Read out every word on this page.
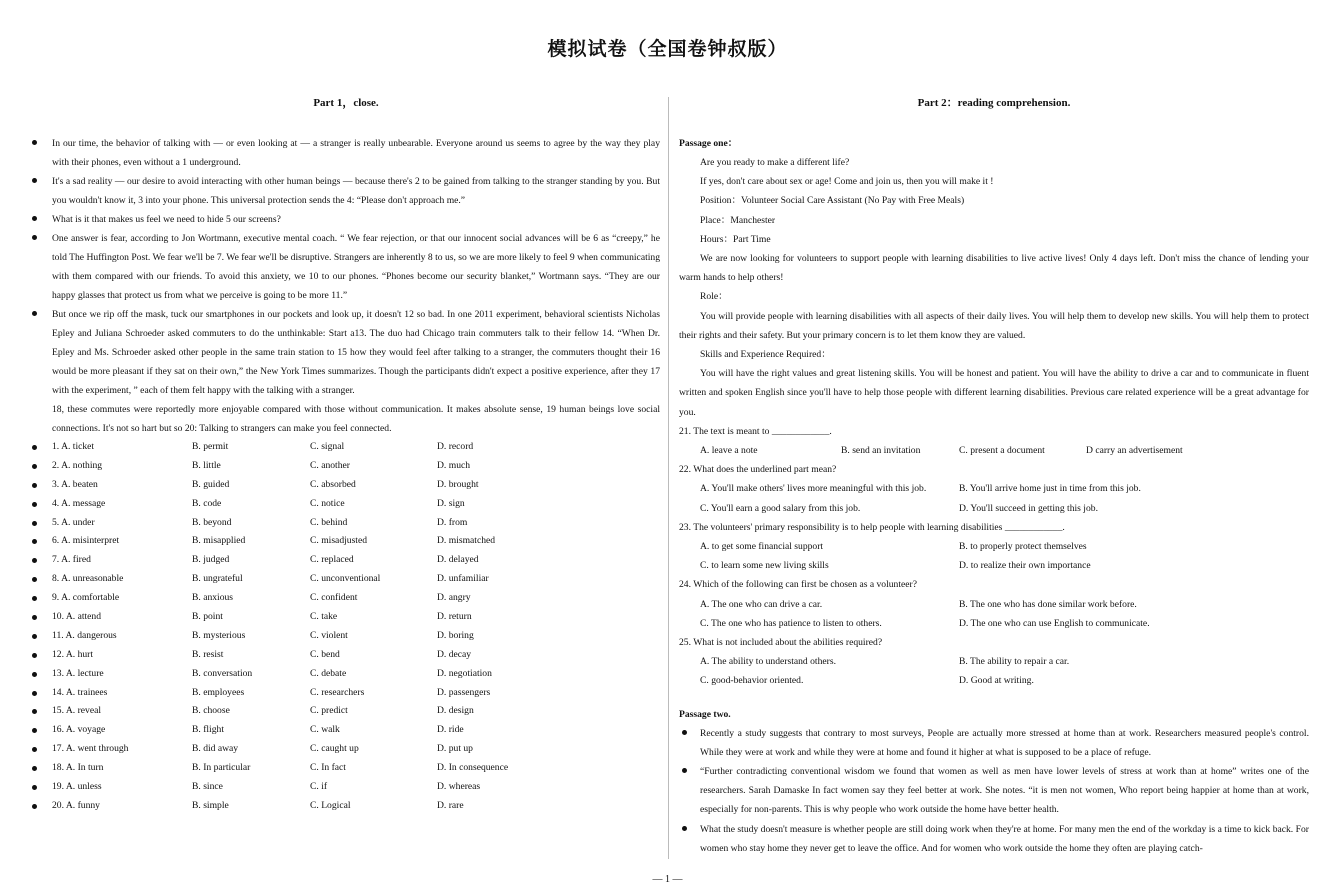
模拟试卷（全国卷钟叔版）
Part 1，close.
In our time, the behavior of talking with — or even looking at — a stranger is really unbearable. Everyone around us seems to agree by the way they play with their phones, even without a 1 underground.
It's a sad reality — our desire to avoid interacting with other human beings — because there's 2 to be gained from talking to the stranger standing by you. But you wouldn't know it, 3 into your phone. This universal protection sends the 4: “Please don't approach me.”
What is it that makes us feel we need to hide 5 our screens?
One answer is fear, according to Jon Wortmann, executive mental coach. “ We fear rejection, or that our innocent social advances will be 6 as “creepy,” he told The Huffington Post. We fear we'll be 7. We fear we'll be disruptive. Strangers are inherently 8 to us, so we are more likely to feel 9 when communicating with them compared with our friends. To avoid this anxiety, we 10 to our phones. “Phones become our security blanket,” Wortmann says. “They are our happy glasses that protect us from what we perceive is going to be more 11.”
But once we rip off the mask, tuck our smartphones in our pockets and look up, it doesn't 12 so bad. In one 2011 experiment, behavioral scientists Nicholas Epley and Juliana Schroeder asked commuters to do the unthinkable: Start a13. The duo had Chicago train commuters talk to their fellow 14. “When Dr. Epley and Ms. Schroeder asked other people in the same train station to 15 how they would feel after talking to a stranger, the commuters thought their 16 would be more pleasant if they sat on their own,” the New York Times summarizes. Though the participants didn't expect a positive experience, after they 17 with the experiment, ” each of them felt happy with the talking with a stranger.
18, these commutes were reportedly more enjoyable compared with those without communication. It makes absolute sense, 19 human beings love social connections. It's not so hart but so 20: Talking to strangers can make you feel connected.
1. A. ticket	B. permit	C. signal	D. record
2. A. nothing	B. little	C. another	D. much
3. A. beaten	B. guided	C. absorbed	D. brought
4. A. message	B. code	C. notice	D. sign
5. A. under	B. beyond	C. behind	D. from
6. A. misinterpret	B. misapplied	C. misadjusted	D. mismatched
7. A. fired	B. judged	C. replaced	D. delayed
8. A. unreasonable	B. ungrateful	C. unconventional	D. unfamiliar
9. A. comfortable	B. anxious	C. confident	D. angry
10. A. attend	B. point	C. take	D. return
11. A. dangerous	B. mysterious	C. violent	D. boring
12. A. hurt	B. resist	C. bend	D. decay
13. A. lecture	B. conversation	C. debate	D. negotiation
14. A. trainees	B. employees	C. researchers	D. passengers
15. A. reveal	B. choose	C. predict	D. design
16. A. voyage	B. flight	C. walk	D. ride
17. A. went through	B. did away	C. caught up	D. put up
18. A. In turn	B. In particular	C. In fact	D. In consequence
19. A. unless	B. since	C. if	D. whereas
20. A. funny	B. simple	C. Logical	D. rare
Part 2：reading comprehension.
Passage one：
Are you ready to make a different life?
If yes, don't care about sex or age! Come and join us, then you will make it !
Position：Volunteer Social Care Assistant (No Pay with Free Meals)
Place：Manchester
Hours：Part Time
We are now looking for volunteers to support people with learning disabilities to live active lives! Only 4 days left. Don't miss the chance of lending your warm hands to help others!
Role：
You will provide people with learning disabilities with all aspects of their daily lives. You will help them to develop new skills. You will help them to protect their rights and their safety. But your primary concern is to let them know they are valued.
Skills and Experience Required：
You will have the right values and great listening skills. You will be honest and patient. You will have the ability to drive a car and to communicate in fluent written and spoken English since you'll have to help those people with different learning disabilities. Previous care related experience will be a great advantage for you.
21. The text is meant to ____________.
A. leave a note	B. send an invitation	C. present a document	D carry an advertisement
22. What does the underlined part mean?
A. You'll make others' lives more meaningful with this job.	B. You'll arrive home just in time from this job.
C. You'll earn a good salary from this job.	D. You'll succeed in getting this job.
23. The volunteers' primary responsibility is to help people with learning disabilities ____________.
A. to get some financial support	B. to properly protect themselves
C. to learn some new living skills	D. to realize their own importance
24. Which of the following can first be chosen as a volunteer?
A. The one who can drive a car.	B. The one who has done similar work before.
C. The one who has patience to listen to others.	D. The one who can use English to communicate.
25. What is not included about the abilities required?
A. The ability to understand others.	B. The ability to repair a car.
C. good-behavior oriented.	D. Good at writing.
Passage two.
Recently a study suggests that contrary to most surveys, People are actually more stressed at home than at work. Researchers measured people's control. While they were at work and while they were at home and found it higher at what is supposed to be a place of refuge.
“Further contradicting conventional wisdom we found that women as well as men have lower levels of stress at work than at home” writes one of the researchers. Sarah Damaske In fact women say they feel better at work. She notes. “it is men not women, Who report being happier at home than at work, especially for non-parents. This is why people who work outside the home have better health.
What the study doesn't measure is whether people are still doing work when they're at home. For many men the end of the workday is a time to kick back. For women who stay home they never get to leave the office. And for women who work outside the home they often are playing catch-
— 1 —
